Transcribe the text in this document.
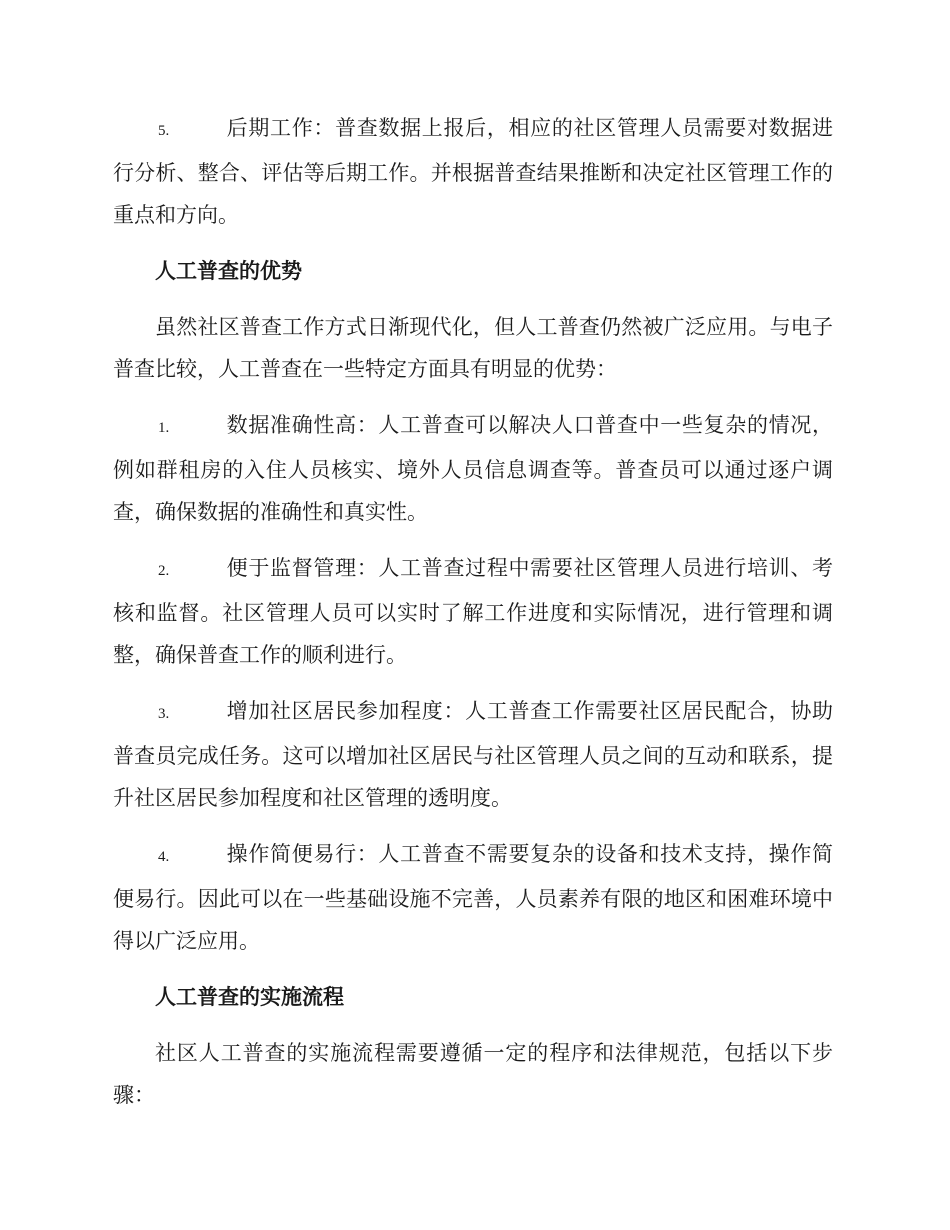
5.	后期工作：普查数据上报后，相应的社区管理人员需要对数据进行分析、整合、评估等后期工作。并根据普查结果推断和决定社区管理工作的重点和方向。

人工普查的优势

虽然社区普查工作方式日渐现代化，但人工普查仍然被广泛应用。与电子普查比较，人工普查在一些特定方面具有明显的优势：

1.	数据准确性高：人工普查可以解决人口普查中一些复杂的情况，例如群租房的入住人员核实、境外人员信息调查等。普查员可以通过逐户调查，确保数据的准确性和真实性。

2.	便于监督管理：人工普查过程中需要社区管理人员进行培训、考核和监督。社区管理人员可以实时了解工作进度和实际情况，进行管理和调整，确保普查工作的顺利进行。

3.	增加社区居民参加程度：人工普查工作需要社区居民配合，协助普查员完成任务。这可以增加社区居民与社区管理人员之间的互动和联系，提升社区居民参加程度和社区管理的透明度。

4.	操作简便易行：人工普查不需要复杂的设备和技术支持，操作简便易行。因此可以在一些基础设施不完善，人员素养有限的地区和困难环境中得以广泛应用。

人工普查的实施流程

社区人工普查的实施流程需要遵循一定的程序和法律规范，包括以下步骤：
